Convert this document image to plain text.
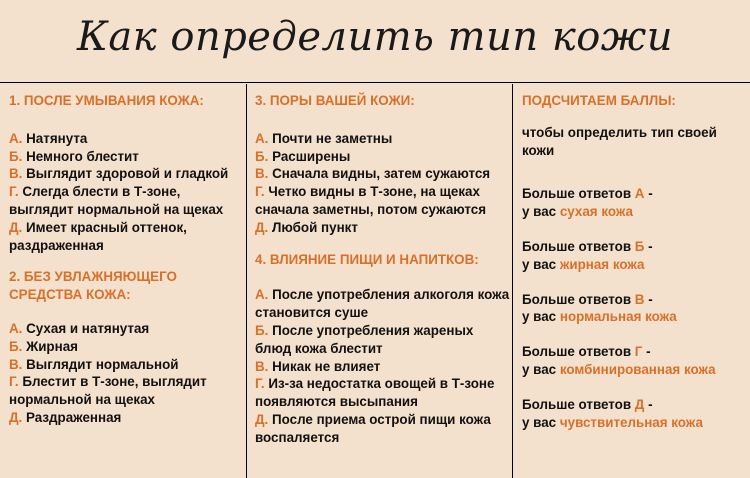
Как определить тип кожи
1. ПОСЛЕ УМЫВАНИЯ КОЖА:
А. Натянута
Б. Немного блестит
В. Выглядит здоровой и гладкой
Г. Слегда блести в Т-зоне, выглядит нормальной на щеках
Д. Имеет красный оттенок, раздраженная
2. БЕЗ УВЛАЖНЯЮЩЕГО СРЕДСТВА КОЖА:
А. Сухая и натянутая
Б. Жирная
В. Выглядит нормальной
Г. Блестит в Т-зоне, выглядит нормальной на щеках
Д. Раздраженная
3. ПОРЫ ВАШЕЙ КОЖИ:
А. Почти не заметны
Б. Расширены
В. Сначала видны, затем сужаются
Г. Четко видны в Т-зоне, на щеках сначала заметны, потом сужаются
Д. Любой пункт
4. ВЛИЯНИЕ ПИЩИ И НАПИТКОВ:
А. После употребления алкоголя кожа становится суше
Б. После употребления жареных блюд кожа блестит
В. Никак не влияет
Г. Из-за недостатка овощей в Т-зоне появляются высыпания
Д. После приема острой пищи кожа воспаляется
ПОДСЧИТАЕМ БАЛЛЫ:
чтобы определить тип своей кожи
Больше ответов А -
у вас сухая кожа
Больше ответов Б -
у вас жирная кожа
Больше ответов В -
у вас нормальная кожа
Больше ответов Г -
у вас комбинированная кожа
Больше ответов Д -
у вас чувствительная кожа
